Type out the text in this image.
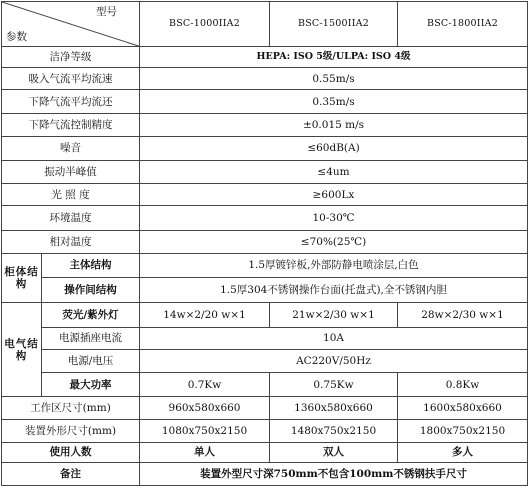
型号
参数		BSC-1000IIA2	BSC-1500IIA2	BSC-1800IIA2
洁净等级		HEPA: ISO 5级/ULPA: ISO 4级		
吸入气流平均流速		0.55m/s		
下降气流平均流还		0.35m/s		
下降气流控制精度		±0.015 m/s		
噪音		≤60dB(A)		
振动半峰值		≤4um		
光 照 度		≥600Lx		
环境温度		10-30℃		
相对温度		≤70%(25℃)		
柜体结构	主体结构	1.5厚镀锌板,外部防静电喷涂层,白色		
	操作间结构	1.5厚304不锈钢操作台面(托盘式),全不锈钢内胆		
电气结构	荧光/紫外灯	14w×2/20 w×1	21w×2/30 w×1	28w×2/30 w×1
	电源插座电流	10A		
	电源/电压	AC220V/50Hz		
	最大功率	0.7Kw	0.75Kw	0.8Kw
工作区尺寸(mm)		960x580x660	1360x580x660	1600x580x660
装置外形尺寸(mm)		1080x750x2150	1480x750x2150	1800x750x2150
使用人数		单人	双人	多人
备注		装置外型尺寸深750mm不包含100mm不锈钢扶手尺寸		
